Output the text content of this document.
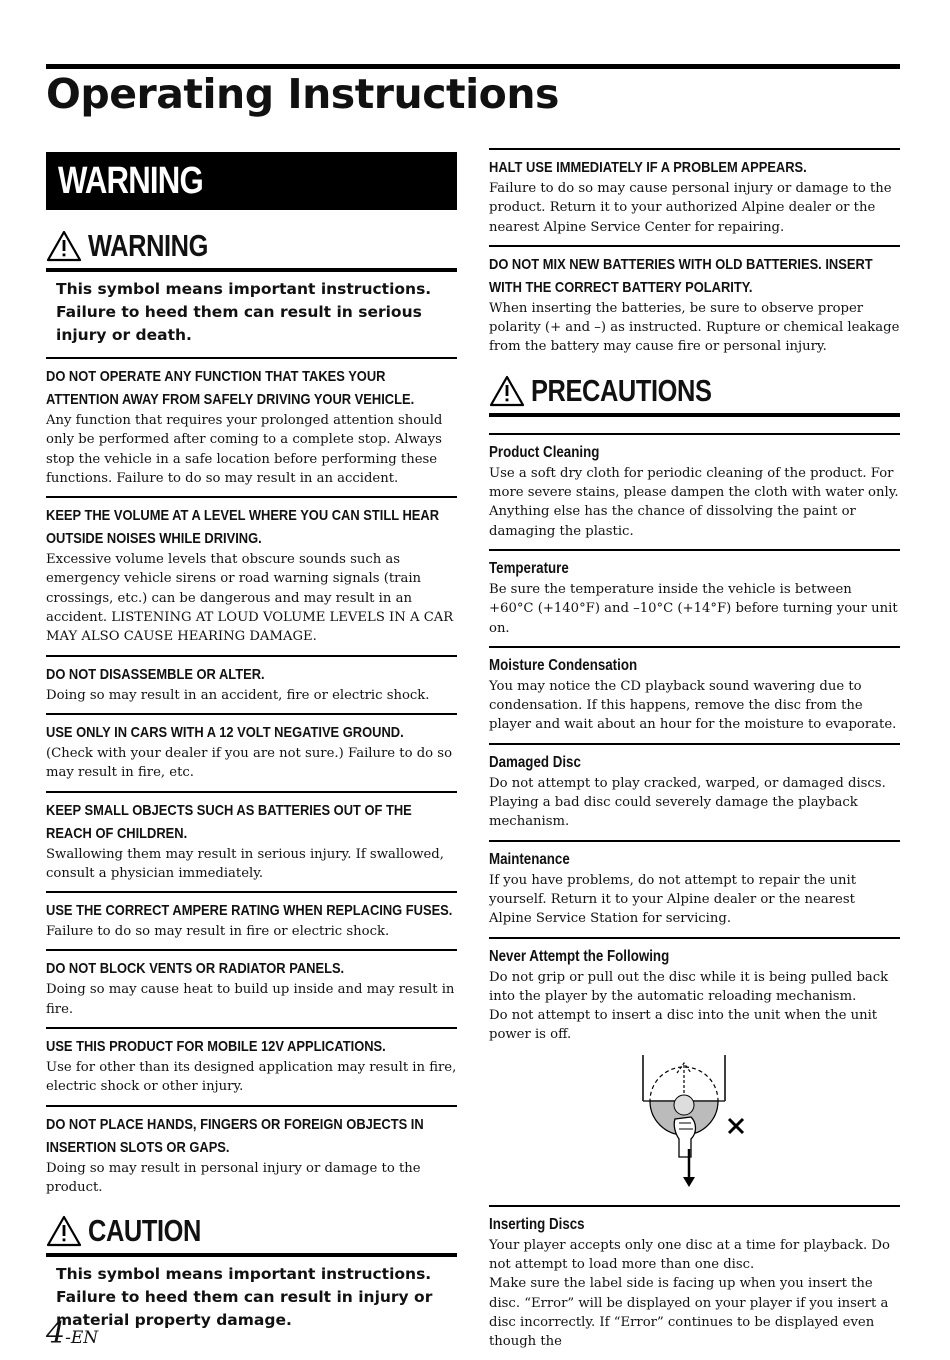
Operating Instructions
WARNING
WARNING

This symbol means important instructions. Failure to heed them can result in serious injury or death.

DO NOT OPERATE ANY FUNCTION THAT TAKES YOUR ATTENTION AWAY FROM SAFELY DRIVING YOUR VEHICLE.

Any function that requires your prolonged attention should only be performed after coming to a complete stop. Always stop the vehicle in a safe location before performing these functions. Failure to do so may result in an accident.

KEEP THE VOLUME AT A LEVEL WHERE YOU CAN STILL HEAR OUTSIDE NOISES WHILE DRIVING.

Excessive volume levels that obscure sounds such as emergency vehicle sirens or road warning signals (train crossings, etc.) can be dangerous and may result in an accident. LISTENING AT LOUD VOLUME LEVELS IN A CAR MAY ALSO CAUSE HEARING DAMAGE.

DO NOT DISASSEMBLE OR ALTER.

Doing so may result in an accident, fire or electric shock.

USE ONLY IN CARS WITH A 12 VOLT NEGATIVE GROUND.

(Check with your dealer if you are not sure.) Failure to do so may result in fire, etc.

KEEP SMALL OBJECTS SUCH AS BATTERIES OUT OF THE REACH OF CHILDREN.

Swallowing them may result in serious injury. If swallowed, consult a physician immediately.

USE THE CORRECT AMPERE RATING WHEN REPLACING FUSES.

Failure to do so may result in fire or electric shock.

DO NOT BLOCK VENTS OR RADIATOR PANELS.

Doing so may cause heat to build up inside and may result in fire.

USE THIS PRODUCT FOR MOBILE 12V APPLICATIONS.

Use for other than its designed application may result in fire, electric shock or other injury.

DO NOT PLACE HANDS, FINGERS OR FOREIGN OBJECTS IN INSERTION SLOTS OR GAPS.

Doing so may result in personal injury or damage to the product.

CAUTION

This symbol means important instructions. Failure to heed them can result in injury or material property damage.

HALT USE IMMEDIATELY IF A PROBLEM APPEARS.

Failure to do so may cause personal injury or damage to the product. Return it to your authorized Alpine dealer or the nearest Alpine Service Center for repairing.

DO NOT MIX NEW BATTERIES WITH OLD BATTERIES. INSERT WITH THE CORRECT BATTERY POLARITY.

When inserting the batteries, be sure to observe proper polarity (+ and –) as instructed. Rupture or chemical leakage from the battery may cause fire or personal injury.

PRECAUTIONS

Product Cleaning

Use a soft dry cloth for periodic cleaning of the product. For more severe stains, please dampen the cloth with water only. Anything else has the chance of dissolving the paint or damaging the plastic.

Temperature

Be sure the temperature inside the vehicle is between +60°C (+140°F) and –10°C (+14°F) before turning your unit on.

Moisture Condensation

You may notice the CD playback sound wavering due to condensation. If this happens, remove the disc from the player and wait about an hour for the moisture to evaporate.

Damaged Disc

Do not attempt to play cracked, warped, or damaged discs. Playing a bad disc could severely damage the playback mechanism.

Maintenance

If you have problems, do not attempt to repair the unit yourself. Return it to your Alpine dealer or the nearest Alpine Service Station for servicing.

Never Attempt the Following

Do not grip or pull out the disc while it is being pulled back into the player by the automatic reloading mechanism.

Do not attempt to insert a disc into the unit when the unit power is off.

Inserting Discs

Your player accepts only one disc at a time for playback. Do not attempt to load more than one disc.

Make sure the label side is facing up when you insert the disc. “Error” will be displayed on your player if you insert a disc incorrectly. If “Error” continues to be displayed even though the

4-EN
